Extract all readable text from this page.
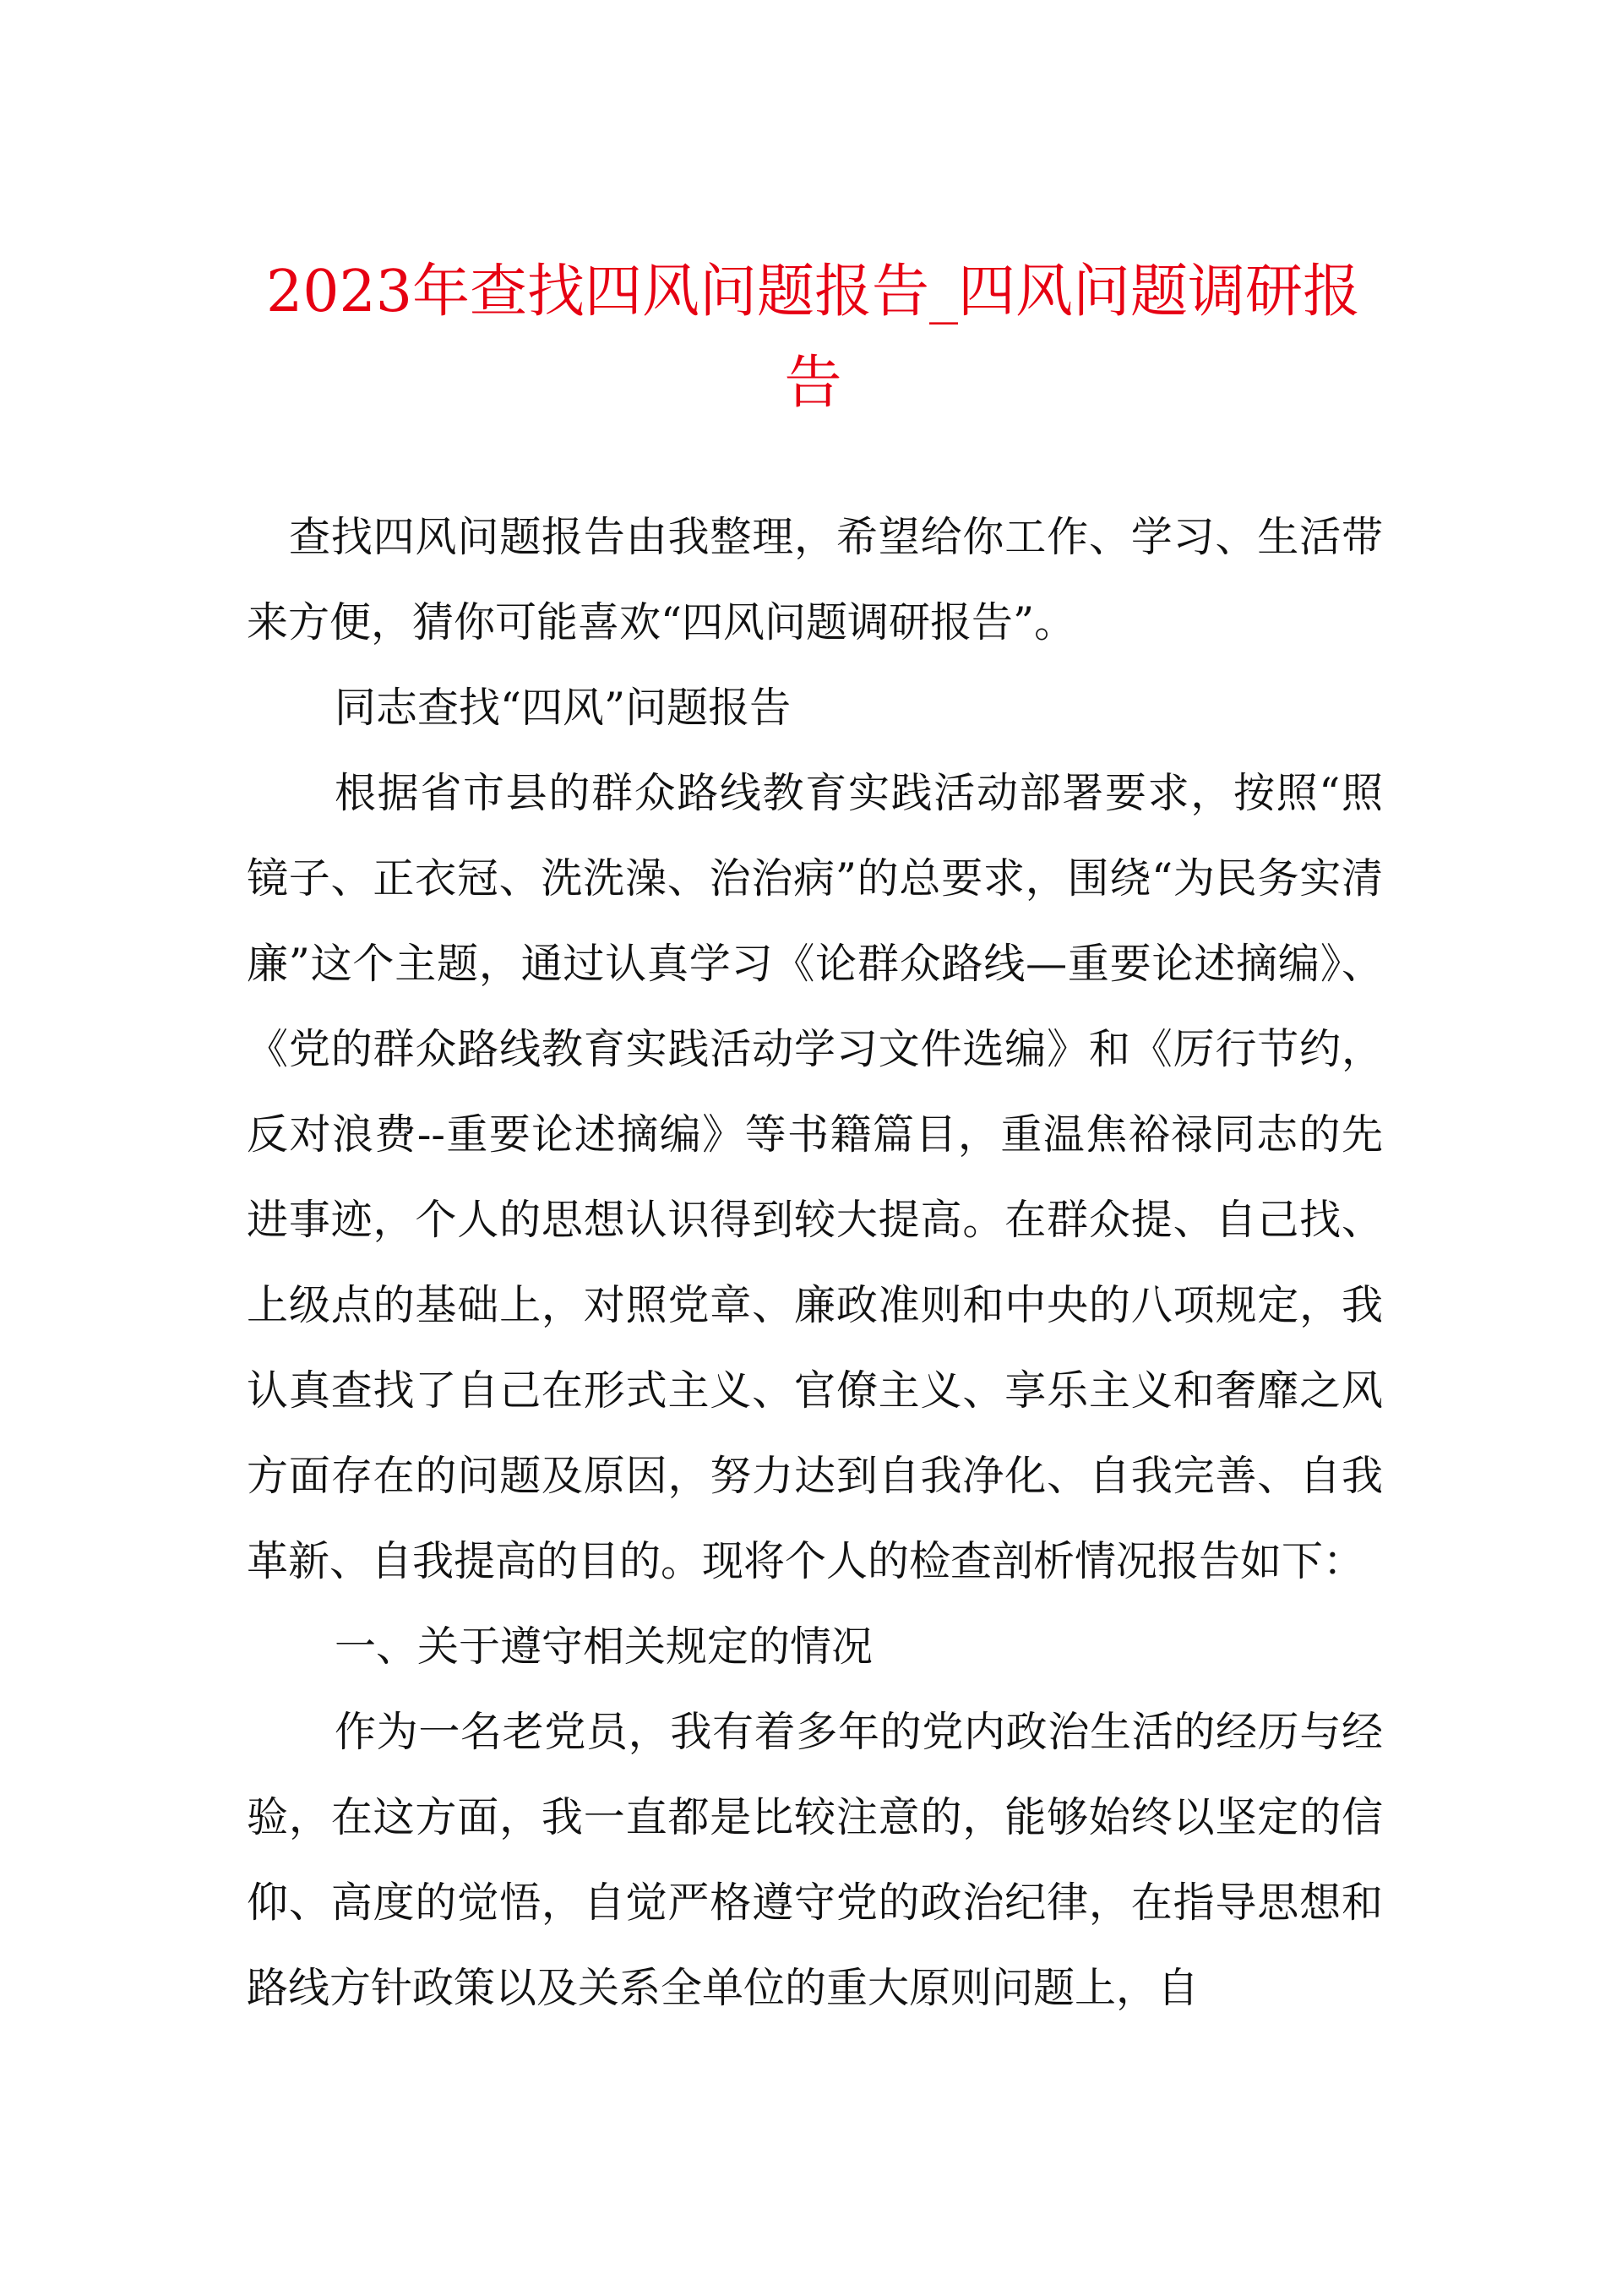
2023年查找四风问题报告_四风问题调研报告

查找四风问题报告由我整理，希望给你工作、学习、生活带来方便，猜你可能喜欢“四风问题调研报告”。

同志查找“四风”问题报告

根据省市县的群众路线教育实践活动部署要求，按照“照镜子、正衣冠、洗洗澡、治治病”的总要求，围绕“为民务实清廉”这个主题，通过认真学习《论群众路线—重要论述摘编》、《党的群众路线教育实践活动学习文件选编》和《厉行节约，反对浪费--重要论述摘编》等书籍篇目，重温焦裕禄同志的先进事迹，个人的思想认识得到较大提高。在群众提、自己找、上级点的基础上，对照党章、廉政准则和中央的八项规定，我认真查找了自己在形式主义、官僚主义、享乐主义和奢靡之风方面存在的问题及原因，努力达到自我净化、自我完善、自我革新、自我提高的目的。现将个人的检查剖析情况报告如下：

一、关于遵守相关规定的情况

作为一名老党员，我有着多年的党内政治生活的经历与经验，在这方面，我一直都是比较注意的，能够始终以坚定的信仰、高度的觉悟，自觉严格遵守党的政治纪律，在指导思想和路线方针政策以及关系全单位的重大原则问题上，自
